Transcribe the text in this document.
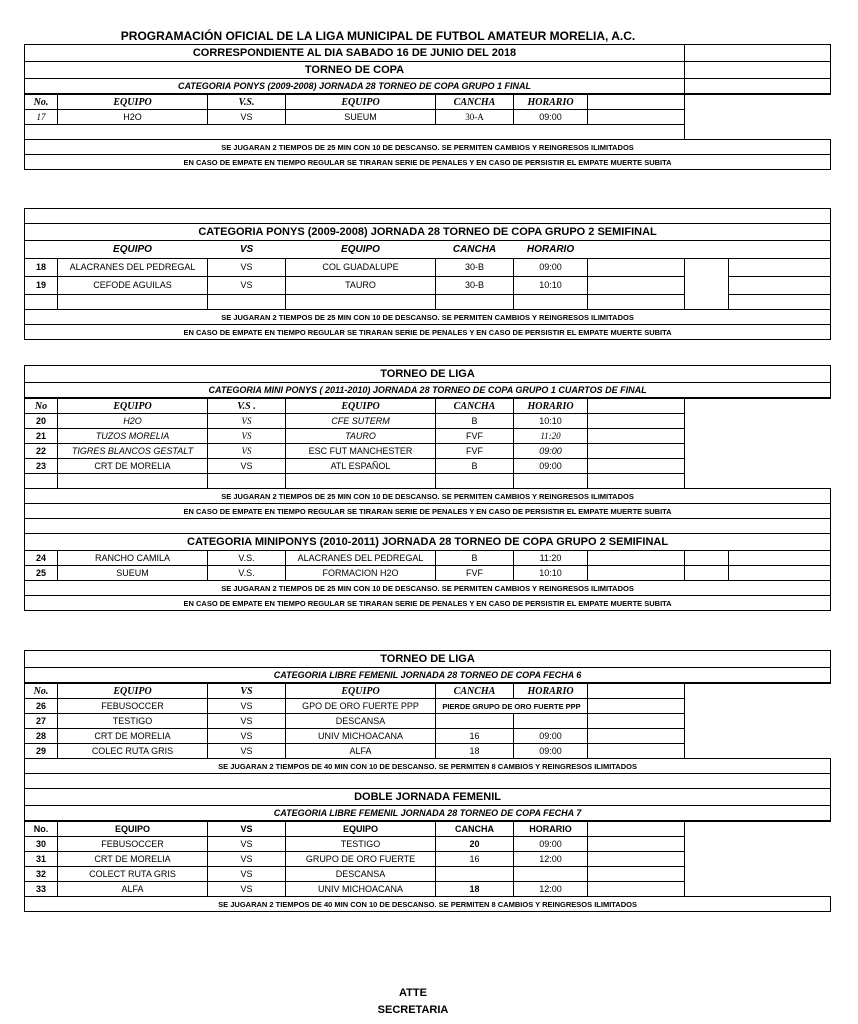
PROGRAMACIÓN OFICIAL DE LA LIGA MUNICIPAL DE FUTBOL AMATEUR MORELIA, A.C.
CORRESPONDIENTE AL DIA SABADO 16 DE JUNIO DEL 2018								
TORNEO DE COPA								
CATEGORIA PONYS (2009-2008) JORNADA 28 TORNEO DE COPA GRUPO 1 FINAL								
No.	EQUIPO	V.S.	EQUIPO	CANCHA	HORARIO			
17	H2O	VS	SUEUM	30-A	09:00			

SE JUGARAN 2 TIEMPOS DE 25 MIN CON 10 DE DESCANSO. SE PERMITEN CAMBIOS Y REINGRESOS ILIMITADOS								
EN CASO DE EMPATE EN TIEMPO REGULAR SE TIRARAN SERIE DE PENALES Y EN CASO DE PERSISTIR EL EMPATE MUERTE SUBITA								

CATEGORIA PONYS (2009-2008) JORNADA 28 TORNEO DE COPA GRUPO 2 SEMIFINAL								
	EQUIPO	VS	EQUIPO	CANCHA	HORARIO			
18	ALACRANES DEL PEDREGAL	VS	COL GUADALUPE	30-B	09:00			
19	CEFODE AGUILAS	VS	TAURO	30-B	10:10			

SE JUGARAN 2 TIEMPOS DE 25 MIN CON 10 DE DESCANSO. SE PERMITEN CAMBIOS Y REINGRESOS ILIMITADOS								
EN CASO DE EMPATE EN TIEMPO REGULAR SE TIRARAN SERIE DE PENALES Y EN CASO DE PERSISTIR EL EMPATE MUERTE SUBITA								
TORNEO DE LIGA								
CATEGORIA MINI PONYS ( 2011-2010) JORNADA 28 TORNEO DE COPA GRUPO 1 CUARTOS DE FINAL								
No	EQUIPO	V.S .	EQUIPO	CANCHA	HORARIO			
20	H2O	VS	CFE SUTERM	B	10:10			
21	TUZOS MORELIA	VS	TAURO	FVF	11:20			
22	TIGRES BLANCOS GESTALT	VS	ESC FUT MANCHESTER	FVF	09:00			
23	CRT DE MORELIA	VS	ATL ESPAÑOL	B	09:00			

SE JUGARAN 2 TIEMPOS DE 25 MIN CON 10 DE DESCANSO. SE PERMITEN CAMBIOS Y REINGRESOS ILIMITADOS								
EN CASO DE EMPATE EN TIEMPO REGULAR SE TIRARAN SERIE DE PENALES Y EN CASO DE PERSISTIR EL EMPATE MUERTE SUBITA								

CATEGORIA MINIPONYS (2010-2011) JORNADA 28 TORNEO DE COPA GRUPO 2 SEMIFINAL								
24	RANCHO CAMILA	V.S.	ALACRANES DEL PEDREGAL	B	11:20			
25	SUEUM	V.S.	FORMACION H2O	FVF	10:10			
SE JUGARAN 2 TIEMPOS DE 25 MIN CON 10 DE DESCANSO. SE PERMITEN CAMBIOS Y REINGRESOS ILIMITADOS								
EN CASO DE EMPATE EN TIEMPO REGULAR SE TIRARAN SERIE DE PENALES Y EN CASO DE PERSISTIR EL EMPATE MUERTE SUBITA								
TORNEO DE LIGA								
CATEGORIA LIBRE FEMENIL JORNADA 28 TORNEO DE COPA FECHA 6								
No.	EQUIPO	VS	EQUIPO	CANCHA	HORARIO			
26	FEBUSOCCER	VS	GPO DE ORO FUERTE PPP	PIERDE GRUPO DE ORO FUERTE PPP				
27	TESTIGO	VS	DESCANSA					
28	CRT DE MORELIA	VS	UNIV MICHOACANA	16	09:00			
29	COLEC RUTA GRIS	VS	ALFA	18	09:00			
SE JUGARAN 2 TIEMPOS DE 40 MIN CON 10 DE DESCANSO. SE PERMITEN 8 CAMBIOS Y REINGRESOS ILIMITADOS								

DOBLE JORNADA FEMENIL								
CATEGORIA LIBRE FEMENIL JORNADA 28 TORNEO DE COPA FECHA 7								
No.	EQUIPO	VS	EQUIPO	CANCHA	HORARIO			
30	FEBUSOCCER	VS	TESTIGO	20	09:00			
31	CRT DE MORELIA	VS	GRUPO DE ORO FUERTE	16	12:00			
32	COLECT RUTA GRIS	VS	DESCANSA					
33	ALFA	VS	UNIV MICHOACANA	18	12:00			
SE JUGARAN 2 TIEMPOS DE 40 MIN CON 10 DE DESCANSO. SE PERMITEN 8 CAMBIOS Y REINGRESOS ILIMITADOS								
ATTE
SECRETARIA
